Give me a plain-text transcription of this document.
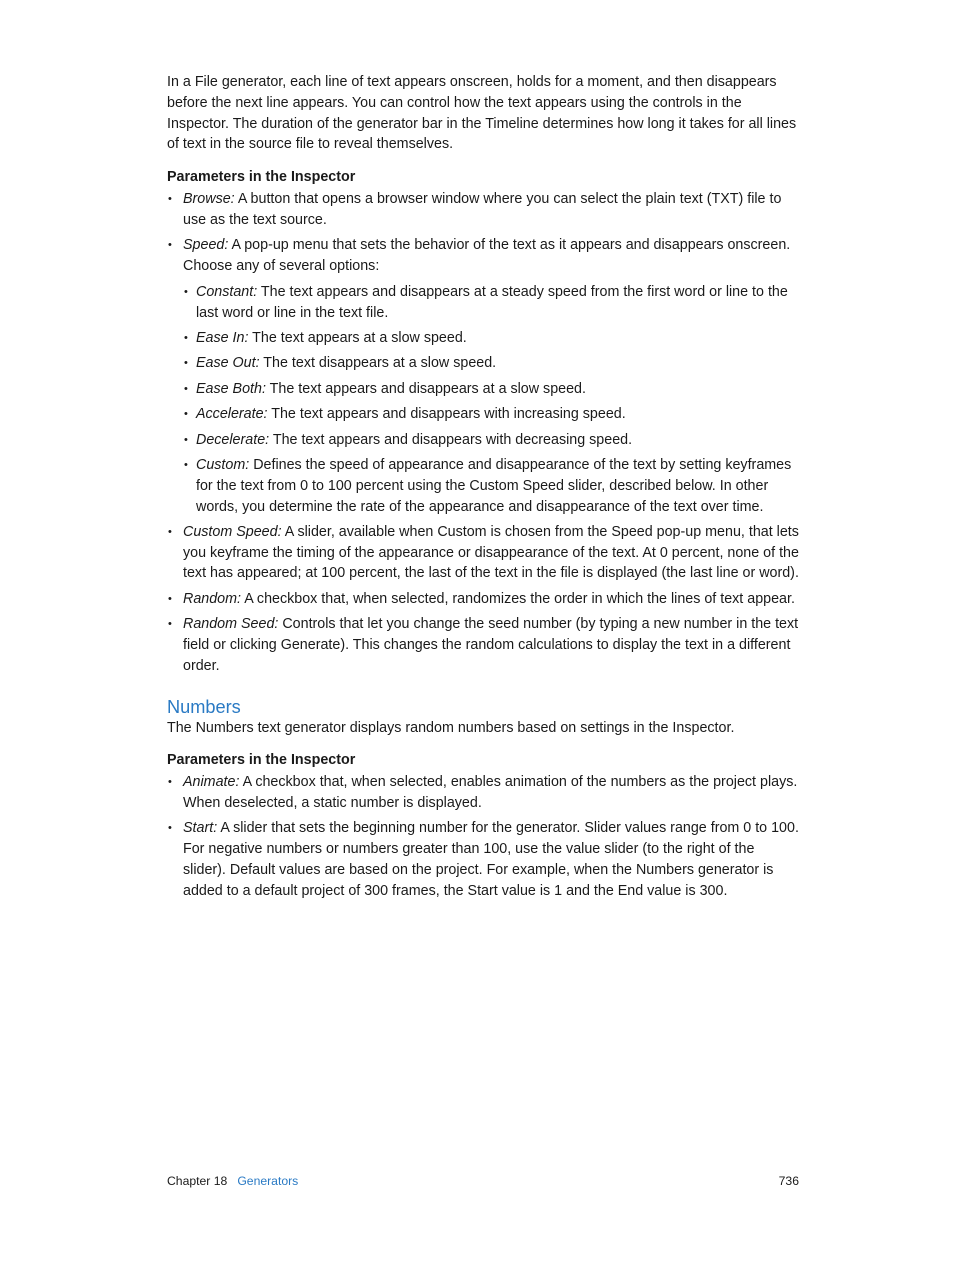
In a File generator, each line of text appears onscreen, holds for a moment, and then disappears before the next line appears. You can control how the text appears using the controls in the Inspector. The duration of the generator bar in the Timeline determines how long it takes for all lines of text in the source file to reveal themselves.

Parameters in the Inspector

• Browse: A button that opens a browser window where you can select the plain text (TXT) file to use as the text source.
• Speed: A pop-up menu that sets the behavior of the text as it appears and disappears onscreen. Choose any of several options:
• Constant: The text appears and disappears at a steady speed from the first word or line to the last word or line in the text file.
• Ease In: The text appears at a slow speed.
• Ease Out: The text disappears at a slow speed.
• Ease Both: The text appears and disappears at a slow speed.
• Accelerate: The text appears and disappears with increasing speed.
• Decelerate: The text appears and disappears with decreasing speed.
• Custom: Defines the speed of appearance and disappearance of the text by setting keyframes for the text from 0 to 100 percent using the Custom Speed slider, described below. In other words, you determine the rate of the appearance and disappearance of the text over time.
• Custom Speed: A slider, available when Custom is chosen from the Speed pop-up menu, that lets you keyframe the timing of the appearance or disappearance of the text. At 0 percent, none of the text has appeared; at 100 percent, the last of the text in the file is displayed (the last line or word).
• Random: A checkbox that, when selected, randomizes the order in which the lines of text appear.
• Random Seed: Controls that let you change the seed number (by typing a new number in the text field or clicking Generate). This changes the random calculations to display the text in a different order.
Numbers

The Numbers text generator displays random numbers based on settings in the Inspector.

Parameters in the Inspector

• Animate: A checkbox that, when selected, enables animation of the numbers as the project plays. When deselected, a static number is displayed.
• Start: A slider that sets the beginning number for the generator. Slider values range from 0 to 100. For negative numbers or numbers greater than 100, use the value slider (to the right of the slider). Default values are based on the project. For example, when the Numbers generator is added to a default project of 300 frames, the Start value is 1 and the End value is 300.
Chapter 18 Generators	736
